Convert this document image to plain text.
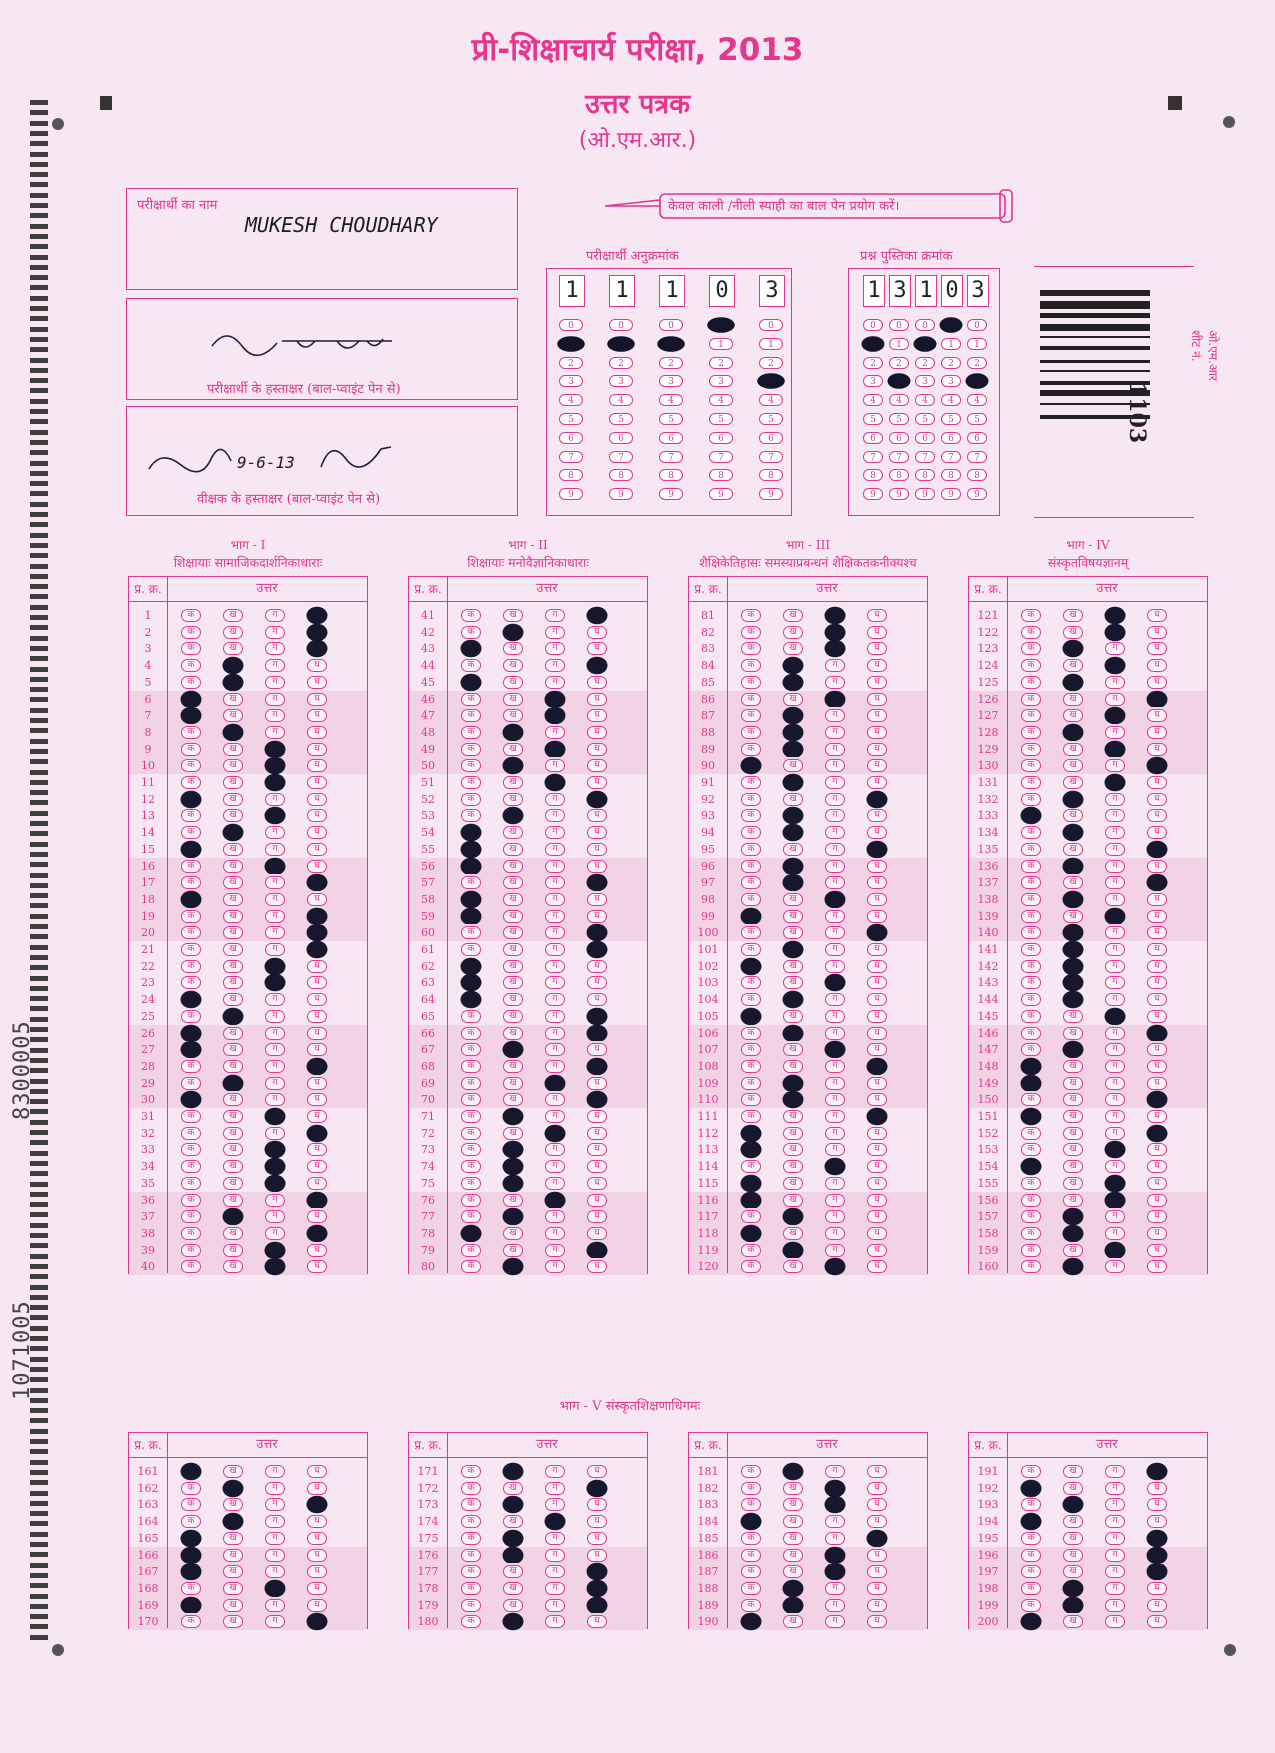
प्री-शिक्षाचार्य परीक्षा, 2013
उत्तर पत्रक
(ओ.एम.आर.)
8300005
1071005
परीक्षार्थी का नाम
MUKESH CHOUDHARY
परीक्षार्थी के हस्ताक्षर (बाल-प्वाइंट पेन से)
9-6-13
वीक्षक के हस्ताक्षर (बाल-प्वाइंट पेन से)
केवल काली /नीली स्याही का बाल पेन प्रयोग करें।
परीक्षार्थी अनुक्रमांक
1
0
1
2
3
4
5
6
7
8
9
1
0
1
2
3
4
5
6
7
8
9
1
0
1
2
3
4
5
6
7
8
9
0
0
1
2
3
4
5
6
7
8
9
3
0
1
2
3
4
5
6
7
8
9
प्रश्न पुस्तिका क्रमांक
1
0
1
2
3
4
5
6
7
8
9
3
0
1
2
3
4
5
6
7
8
9
1
0
1
2
3
4
5
6
7
8
9
0
0
1
2
3
4
5
6
7
8
9
3
0
1
2
3
4
5
6
7
8
9
1103
ओ.एम.आर शीट नं.
भाग - I
शिक्षायाः सामाजिकदार्शनिकाधाराः
प्र. क्र.	उत्तर
1	क	ख	ग	घ
2	क	ख	ग	घ
3	क	ख	ग	घ
4	क	ख	ग	घ
5	क	ख	ग	घ
6	क	ख	ग	घ
7	क	ख	ग	घ
8	क	ख	ग	घ
9	क	ख	ग	घ
10	क	ख	ग	घ
11	क	ख	ग	घ
12	क	ख	ग	घ
13	क	ख	ग	घ
14	क	ख	ग	घ
15	क	ख	ग	घ
16	क	ख	ग	घ
17	क	ख	ग	घ
18	क	ख	ग	घ
19	क	ख	ग	घ
20	क	ख	ग	घ
21	क	ख	ग	घ
22	क	ख	ग	घ
23	क	ख	ग	घ
24	क	ख	ग	घ
25	क	ख	ग	घ
26	क	ख	ग	घ
27	क	ख	ग	घ
28	क	ख	ग	घ
29	क	ख	ग	घ
30	क	ख	ग	घ
31	क	ख	ग	घ
32	क	ख	ग	घ
33	क	ख	ग	घ
34	क	ख	ग	घ
35	क	ख	ग	घ
36	क	ख	ग	घ
37	क	ख	ग	घ
38	क	ख	ग	घ
39	क	ख	ग	घ
40	क	ख	ग	घ
भाग - II
शिक्षायाः मनोवैज्ञानिकाधाराः
प्र. क्र.	उत्तर
41	क	ख	ग	घ
42	क	ख	ग	घ
43	क	ख	ग	घ
44	क	ख	ग	घ
45	क	ख	ग	घ
46	क	ख	ग	घ
47	क	ख	ग	घ
48	क	ख	ग	घ
49	क	ख	ग	घ
50	क	ख	ग	घ
51	क	ख	ग	घ
52	क	ख	ग	घ
53	क	ख	ग	घ
54	क	ख	ग	घ
55	क	ख	ग	घ
56	क	ख	ग	घ
57	क	ख	ग	घ
58	क	ख	ग	घ
59	क	ख	ग	घ
60	क	ख	ग	घ
61	क	ख	ग	घ
62	क	ख	ग	घ
63	क	ख	ग	घ
64	क	ख	ग	घ
65	क	ख	ग	घ
66	क	ख	ग	घ
67	क	ख	ग	घ
68	क	ख	ग	घ
69	क	ख	ग	घ
70	क	ख	ग	घ
71	क	ख	ग	घ
72	क	ख	ग	घ
73	क	ख	ग	घ
74	क	ख	ग	घ
75	क	ख	ग	घ
76	क	ख	ग	घ
77	क	ख	ग	घ
78	क	ख	ग	घ
79	क	ख	ग	घ
80	क	ख	ग	घ
भाग - III
शैक्षिकेतिहासः समस्याप्रबन्धनं शैक्षिकतकनीक्यश्च
प्र. क्र.	उत्तर
81	क	ख	ग	घ
82	क	ख	ग	घ
83	क	ख	ग	घ
84	क	ख	ग	घ
85	क	ख	ग	घ
86	क	ख	ग	घ
87	क	ख	ग	घ
88	क	ख	ग	घ
89	क	ख	ग	घ
90	क	ख	ग	घ
91	क	ख	ग	घ
92	क	ख	ग	घ
93	क	ख	ग	घ
94	क	ख	ग	घ
95	क	ख	ग	घ
96	क	ख	ग	घ
97	क	ख	ग	घ
98	क	ख	ग	घ
99	क	ख	ग	घ
100	क	ख	ग	घ
101	क	ख	ग	घ
102	क	ख	ग	घ
103	क	ख	ग	घ
104	क	ख	ग	घ
105	क	ख	ग	घ
106	क	ख	ग	घ
107	क	ख	ग	घ
108	क	ख	ग	घ
109	क	ख	ग	घ
110	क	ख	ग	घ
111	क	ख	ग	घ
112	क	ख	ग	घ
113	क	ख	ग	घ
114	क	ख	ग	घ
115	क	ख	ग	घ
116	क	ख	ग	घ
117	क	ख	ग	घ
118	क	ख	ग	घ
119	क	ख	ग	घ
120	क	ख	ग	घ
भाग - IV
संस्कृतविषयज्ञानम्
प्र. क्र.	उत्तर
121	क	ख	ग	घ
122	क	ख	ग	घ
123	क	ख	ग	घ
124	क	ख	ग	घ
125	क	ख	ग	घ
126	क	ख	ग	घ
127	क	ख	ग	घ
128	क	ख	ग	घ
129	क	ख	ग	घ
130	क	ख	ग	घ
131	क	ख	ग	घ
132	क	ख	ग	घ
133	क	ख	ग	घ
134	क	ख	ग	घ
135	क	ख	ग	घ
136	क	ख	ग	घ
137	क	ख	ग	घ
138	क	ख	ग	घ
139	क	ख	ग	घ
140	क	ख	ग	घ
141	क	ख	ग	घ
142	क	ख	ग	घ
143	क	ख	ग	घ
144	क	ख	ग	घ
145	क	ख	ग	घ
146	क	ख	ग	घ
147	क	ख	ग	घ
148	क	ख	ग	घ
149	क	ख	ग	घ
150	क	ख	ग	घ
151	क	ख	ग	घ
152	क	ख	ग	घ
153	क	ख	ग	घ
154	क	ख	ग	घ
155	क	ख	ग	घ
156	क	ख	ग	घ
157	क	ख	ग	घ
158	क	ख	ग	घ
159	क	ख	ग	घ
160	क	ख	ग	घ
भाग - V संस्कृतशिक्षणाधिगमः
प्र. क्र.	उत्तर
161	क	ख	ग	घ
162	क	ख	ग	घ
163	क	ख	ग	घ
164	क	ख	ग	घ
165	क	ख	ग	घ
166	क	ख	ग	घ
167	क	ख	ग	घ
168	क	ख	ग	घ
169	क	ख	ग	घ
170	क	ख	ग	घ
प्र. क्र.	उत्तर
171	क	ख	ग	घ
172	क	ख	ग	घ
173	क	ख	ग	घ
174	क	ख	ग	घ
175	क	ख	ग	घ
176	क	ख	ग	घ
177	क	ख	ग	घ
178	क	ख	ग	घ
179	क	ख	ग	घ
180	क	ख	ग	घ
प्र. क्र.	उत्तर
181	क	ख	ग	घ
182	क	ख	ग	घ
183	क	ख	ग	घ
184	क	ख	ग	घ
185	क	ख	ग	घ
186	क	ख	ग	घ
187	क	ख	ग	घ
188	क	ख	ग	घ
189	क	ख	ग	घ
190	क	ख	ग	घ
प्र. क्र.	उत्तर
191	क	ख	ग	घ
192	क	ख	ग	घ
193	क	ख	ग	घ
194	क	ख	ग	घ
195	क	ख	ग	घ
196	क	ख	ग	घ
197	क	ख	ग	घ
198	क	ख	ग	घ
199	क	ख	ग	घ
200	क	ख	ग	घ
